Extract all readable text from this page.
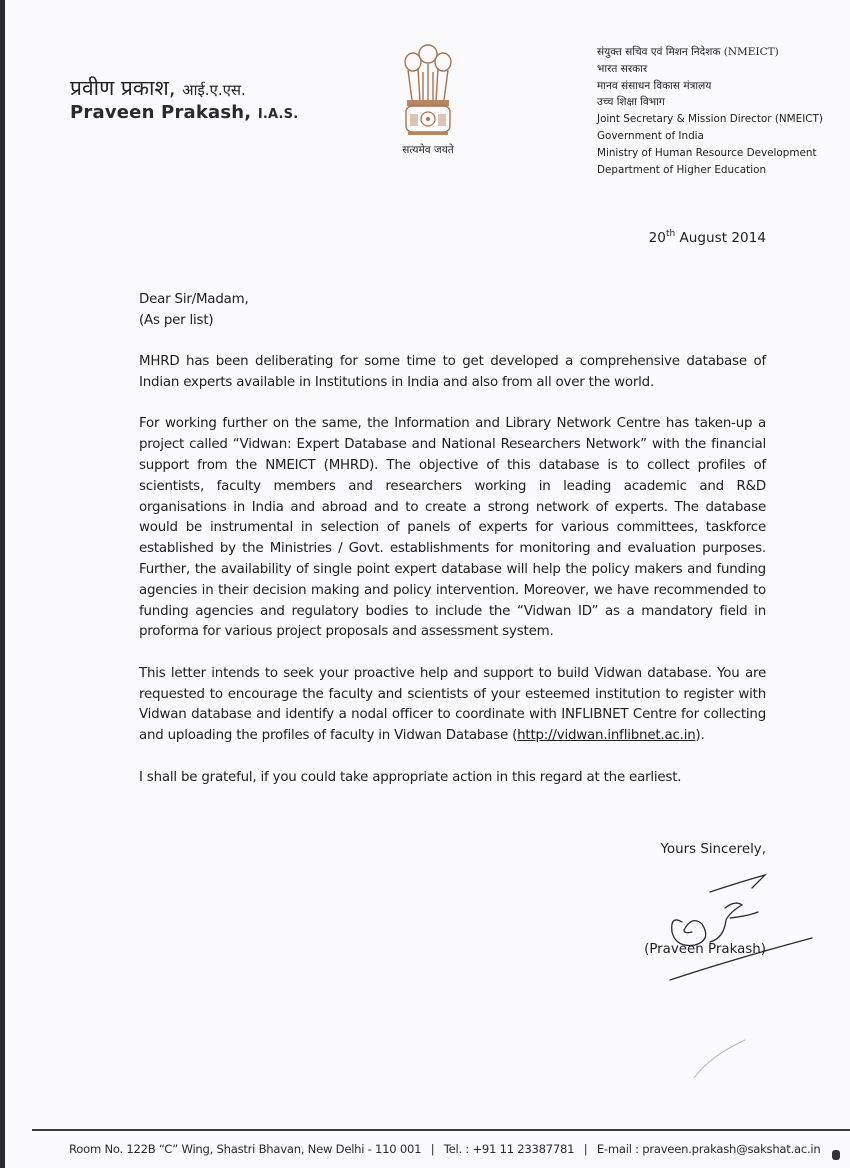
प्रवीण प्रकाश, आई.ए.एस.
Praveen Prakash, I.A.S.
सत्यमेव जयते
संयुक्त सचिव एवं मिशन निदेशक (NMEICT)
भारत सरकार
मानव संसाधन विकास मंत्रालय
उच्च शिक्षा विभाग
Joint Secretary & Mission Director (NMEICT)
Government of India
Ministry of Human Resource Development
Department of Higher Education
20th August 2014

Dear Sir/Madam,
(As per list)

MHRD has been deliberating for some time to get developed a comprehensive database of Indian experts available in Institutions in India and also from all over the world.

For working further on the same, the Information and Library Network Centre has taken-up a project called “Vidwan: Expert Database and National Researchers Network” with the financial support from the NMEICT (MHRD). The objective of this database is to collect profiles of scientists, faculty members and researchers working in leading academic and R&D organisations in India and abroad and to create a strong network of experts. The database would be instrumental in selection of panels of experts for various committees, taskforce established by the Ministries / Govt. establishments for monitoring and evaluation purposes. Further, the availability of single point expert database will help the policy makers and funding agencies in their decision making and policy intervention. Moreover, we have recommended to funding agencies and regulatory bodies to include the “Vidwan ID” as a mandatory field in proforma for various project proposals and assessment system.

This letter intends to seek your proactive help and support to build Vidwan database. You are requested to encourage the faculty and scientists of your esteemed institution to register with Vidwan database and identify a nodal officer to coordinate with INFLIBNET Centre for collecting and uploading the profiles of faculty in Vidwan Database (http://vidwan.inflibnet.ac.in).

I shall be grateful, if you could take appropriate action in this regard at the earliest.

Yours Sincerely,
(Praveen Prakash)
Room No. 122B “C” Wing, Shastri Bhavan, New Delhi - 110 001 | Tel. : +91 11 23387781 | E-mail : praveen.prakash@sakshat.ac.in
